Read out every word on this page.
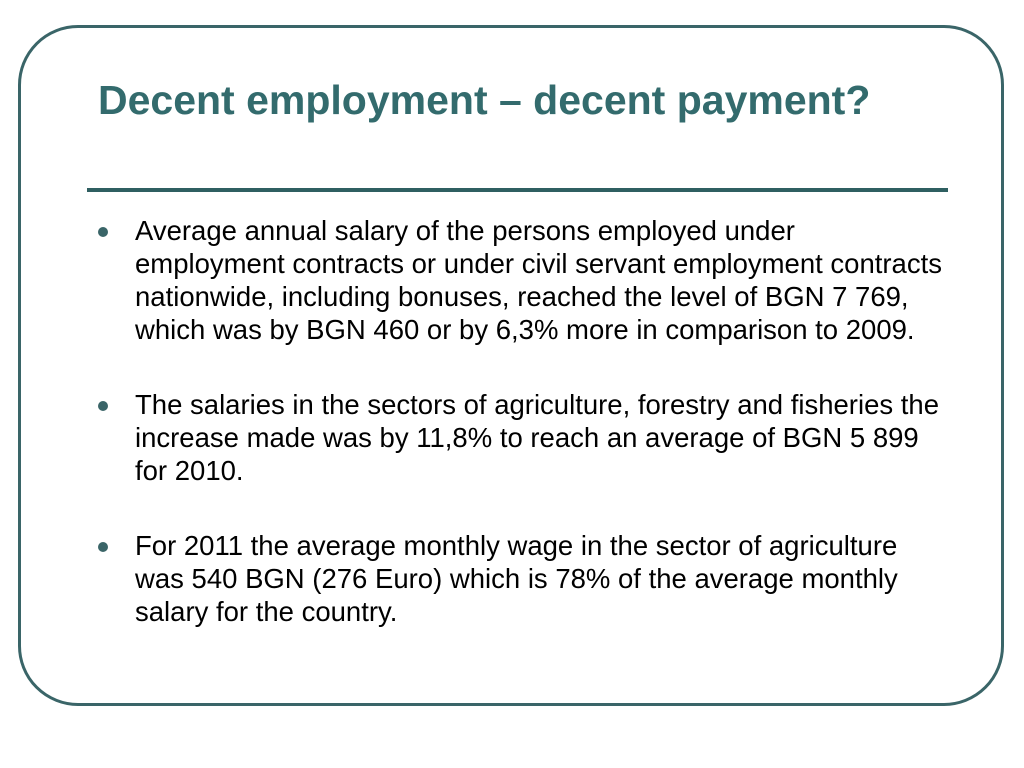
Decent employment – decent payment?
Average annual salary of the persons employed under employment contracts or under civil servant employment contracts nationwide, including bonuses, reached the level of BGN 7 769, which was by BGN 460 or by 6,3% more in comparison to 2009.
The salaries in the sectors of agriculture, forestry and fisheries the increase made was by 11,8% to reach an average of BGN 5 899 for 2010.
For 2011 the average monthly wage in the sector of agriculture was 540 BGN (276 Euro) which is 78% of the average monthly salary for the country.
